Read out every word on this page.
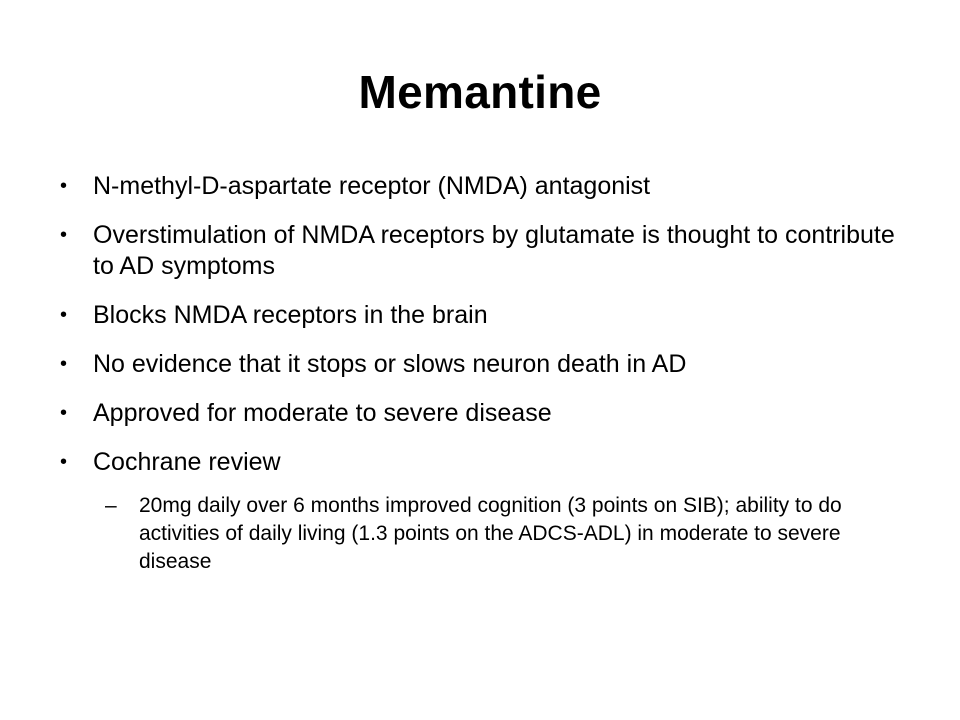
Memantine
• N-methyl-D-aspartate receptor (NMDA) antagonist
• Overstimulation of NMDA receptors by glutamate is thought to contribute to AD symptoms
• Blocks NMDA receptors in the brain
• No evidence that it stops or slows neuron death in AD
• Approved for moderate to severe disease
• Cochrane review
– 20mg daily over 6 months improved cognition (3 points on SIB); ability to do activities of daily living (1.3 points on the ADCS-ADL) in moderate to severe disease
